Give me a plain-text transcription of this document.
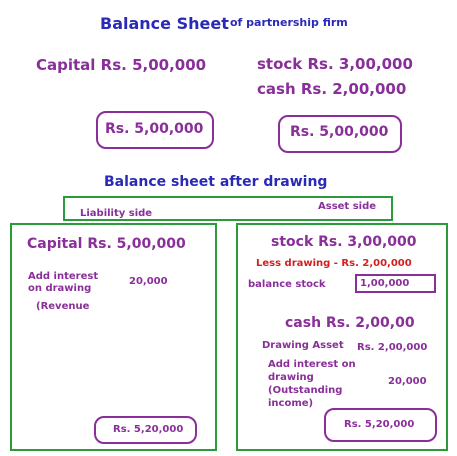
Balance Sheet of partnership firm
Capital Rs. 5,00,000	stock Rs. 3,00,000
cash Rs. 2,00,000
Rs. 5,00,000	Rs. 5,00,000
Balance sheet after drawing
Liability side
Asset side
Capital Rs. 5,00,000
Add interest
on drawing
20,000
(Revenue
Rs. 5,20,000
stock Rs. 3,00,000
Less drawing - Rs. 2,00,000
balance stock	1,00,000
cash Rs. 2,00,00
Drawing Asset Rs. 2,00,000
Add interest on
drawing
(Outstanding
income)
20,000
Rs. 5,20,000
